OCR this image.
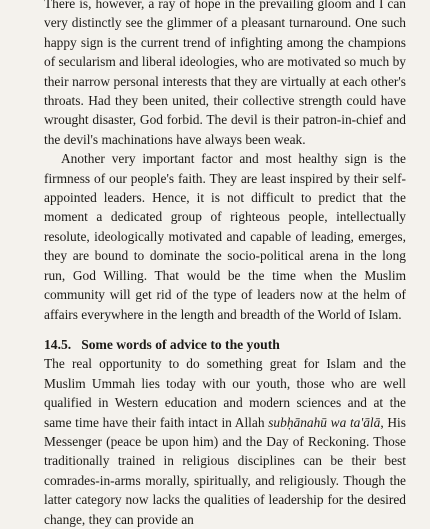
There is, however, a ray of hope in the prevailing gloom and I can very distinctly see the glimmer of a pleasant turnaround. One such happy sign is the current trend of infighting among the champions of secularism and liberal ideologies, who are motivated so much by their narrow personal interests that they are virtually at each other's throats. Had they been united, their collective strength could have wrought disaster, God forbid. The devil is their patron-in-chief and the devil's machinations have always been weak.

Another very important factor and most healthy sign is the firmness of our people's faith. They are least inspired by their self-appointed leaders. Hence, it is not difficult to predict that the moment a dedicated group of righteous people, intellectually resolute, ideologically motivated and capable of leading, emerges, they are bound to dominate the socio-political arena in the long run, God Willing. That would be the time when the Muslim community will get rid of the type of leaders now at the helm of affairs everywhere in the length and breadth of the World of Islam.

14.5. Some words of advice to the youth

The real opportunity to do something great for Islam and the Muslim Ummah lies today with our youth, those who are well qualified in Western education and modern sciences and at the same time have their faith intact in Allah subḥānahū wa ta'ālā, His Messenger (peace be upon him) and the Day of Reckoning. Those traditionally trained in religious disciplines can be their best comrades-in-arms morally, spiritually, and religiously. Though the latter category now lacks the qualities of leadership for the desired change, they can provide an
